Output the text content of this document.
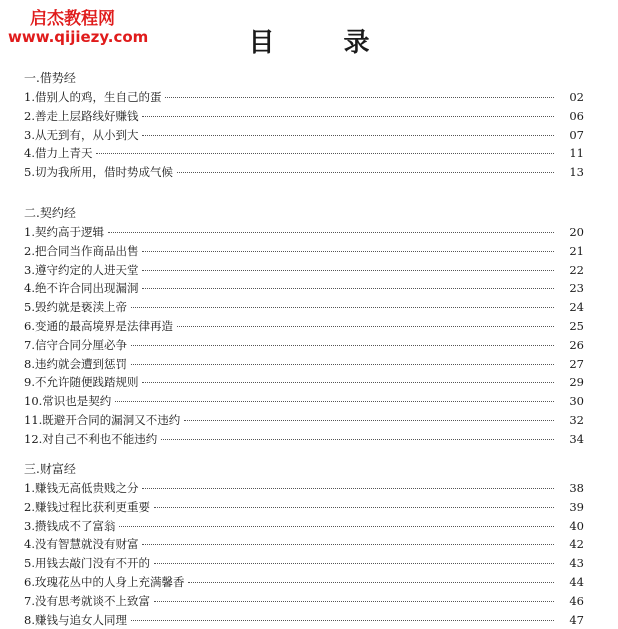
启杰教程网
www.qijiezy.com	目 录
一.借势经
1.借别人的鸡，生自己的蛋	02
2.善走上层路线好赚钱	06
3.从无到有，从小到大	07
4.借力上青天	11
5.切为我所用，借时势成气候	13
二.契约经
1.契约高于逻辑	20
2.把合同当作商品出售	21
3.遵守约定的人进天堂	22
4.绝不许合同出现漏洞	23
5.毁约就是亵渎上帝	24
6.变通的最高境界是法律再造	25
7.信守合同分厘必争	26
8.违约就会遭到惩罚	27
9.不允许随便践踏规则	29
10.常识也是契约	30
11.既避开合同的漏洞又不违约	32
12.对自己不利也不能违约	34
三.财富经
1.赚钱无高低贵贱之分	38
2.赚钱过程比获利更重要	39
3.攒钱成不了富翁	40
4.没有智慧就没有财富	42
5.用钱去敲门没有不开的	43
6.玫瑰花丛中的人身上充满馨香	44
7.没有思考就谈不上致富	46
8.赚钱与追女人同理	47
